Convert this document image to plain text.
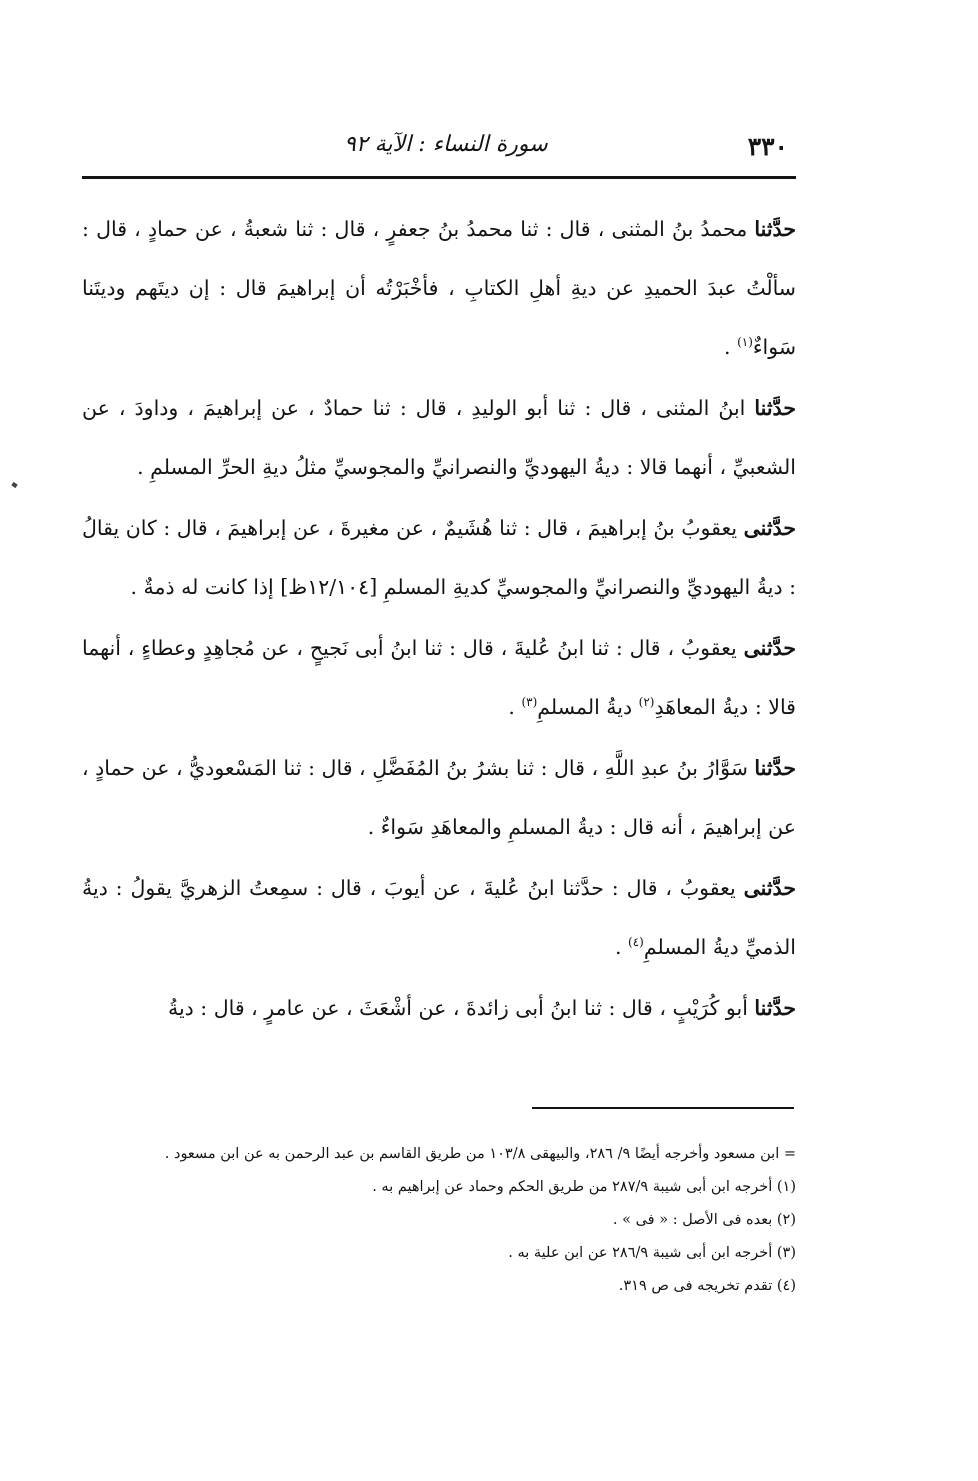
٣٣٠
سورة النساء : الآية ٩٢

حدَّثنا محمدُ بنُ المثنى ، قال : ثنا محمدُ بنُ جعفرٍ ، قال : ثنا شعبةُ ، عن حمادٍ ، قال : سألْتُ عبدَ الحميدِ عن ديةِ أهلِ الكتابِ ، فأخْبَرْتُه أن إبراهيمَ قال : إن ديتَهم وديتَنا سَواءٌ$^{(١)}$ .

حدَّثنا ابنُ المثنى ، قال : ثنا أبو الوليدِ ، قال : ثنا حمادٌ ، عن إبراهيمَ ، وداودَ ، عن الشعبيِّ ، أنهما قالا : ديةُ اليهوديِّ والنصرانيِّ والمجوسيِّ مثلُ ديةِ الحرِّ المسلمِ .

حدَّثنى يعقوبُ بنُ إبراهيمَ ، قال : ثنا هُشَيمٌ ، عن مغيرةَ ، عن إبراهيمَ ، قال : كان يقالُ : ديةُ اليهوديِّ والنصرانيِّ والمجوسيِّ كديةِ المسلمِ [١٢/١٠٤ظ] إذا كانت له ذمةٌ .

حدَّثنى يعقوبُ ، قال : ثنا ابنُ عُليةَ ، قال : ثنا ابنُ أبى نَجيحٍ ، عن مُجاهِدٍ وعطاءٍ ، أنهما قالا : ديةُ المعاهَدِ$^{(٢)}$ ديةُ المسلمِ$^{(٣)}$ .

حدَّثنا سَوَّارُ بنُ عبدِ اللَّهِ ، قال : ثنا بشرُ بنُ المُفَضَّلِ ، قال : ثنا المَسْعوديُّ ، عن حمادٍ ، عن إبراهيمَ ، أنه قال : ديةُ المسلمِ والمعاهَدِ سَواءٌ .

حدَّثنى يعقوبُ ، قال : حدَّثنا ابنُ عُليةَ ، عن أيوبَ ، قال : سمِعتُ الزهريَّ يقولُ : ديةُ الذميِّ ديةُ المسلمِ$^{(٤)}$ .

حدَّثنا أبو كُرَيْبٍ ، قال : ثنا ابنُ أبى زائدةَ ، عن أشْعَثَ ، عن عامرٍ ، قال : ديةُ

= ابن مسعود وأخرجه أيضًا ٩/ ٢٨٦، والبيهقى ١٠٣/٨ من طريق القاسم بن عبد الرحمن به عن ابن مسعود .

(١) أخرجه ابن أبى شيبة ٢٨٧/٩ من طريق الحكم وحماد عن إبراهيم به .

(٢) بعده فى الأصل : « فى » .

(٣) أخرجه ابن أبى شيبة ٢٨٦/٩ عن ابن علية به .

(٤) تقدم تخريجه فى ص ٣١٩.
